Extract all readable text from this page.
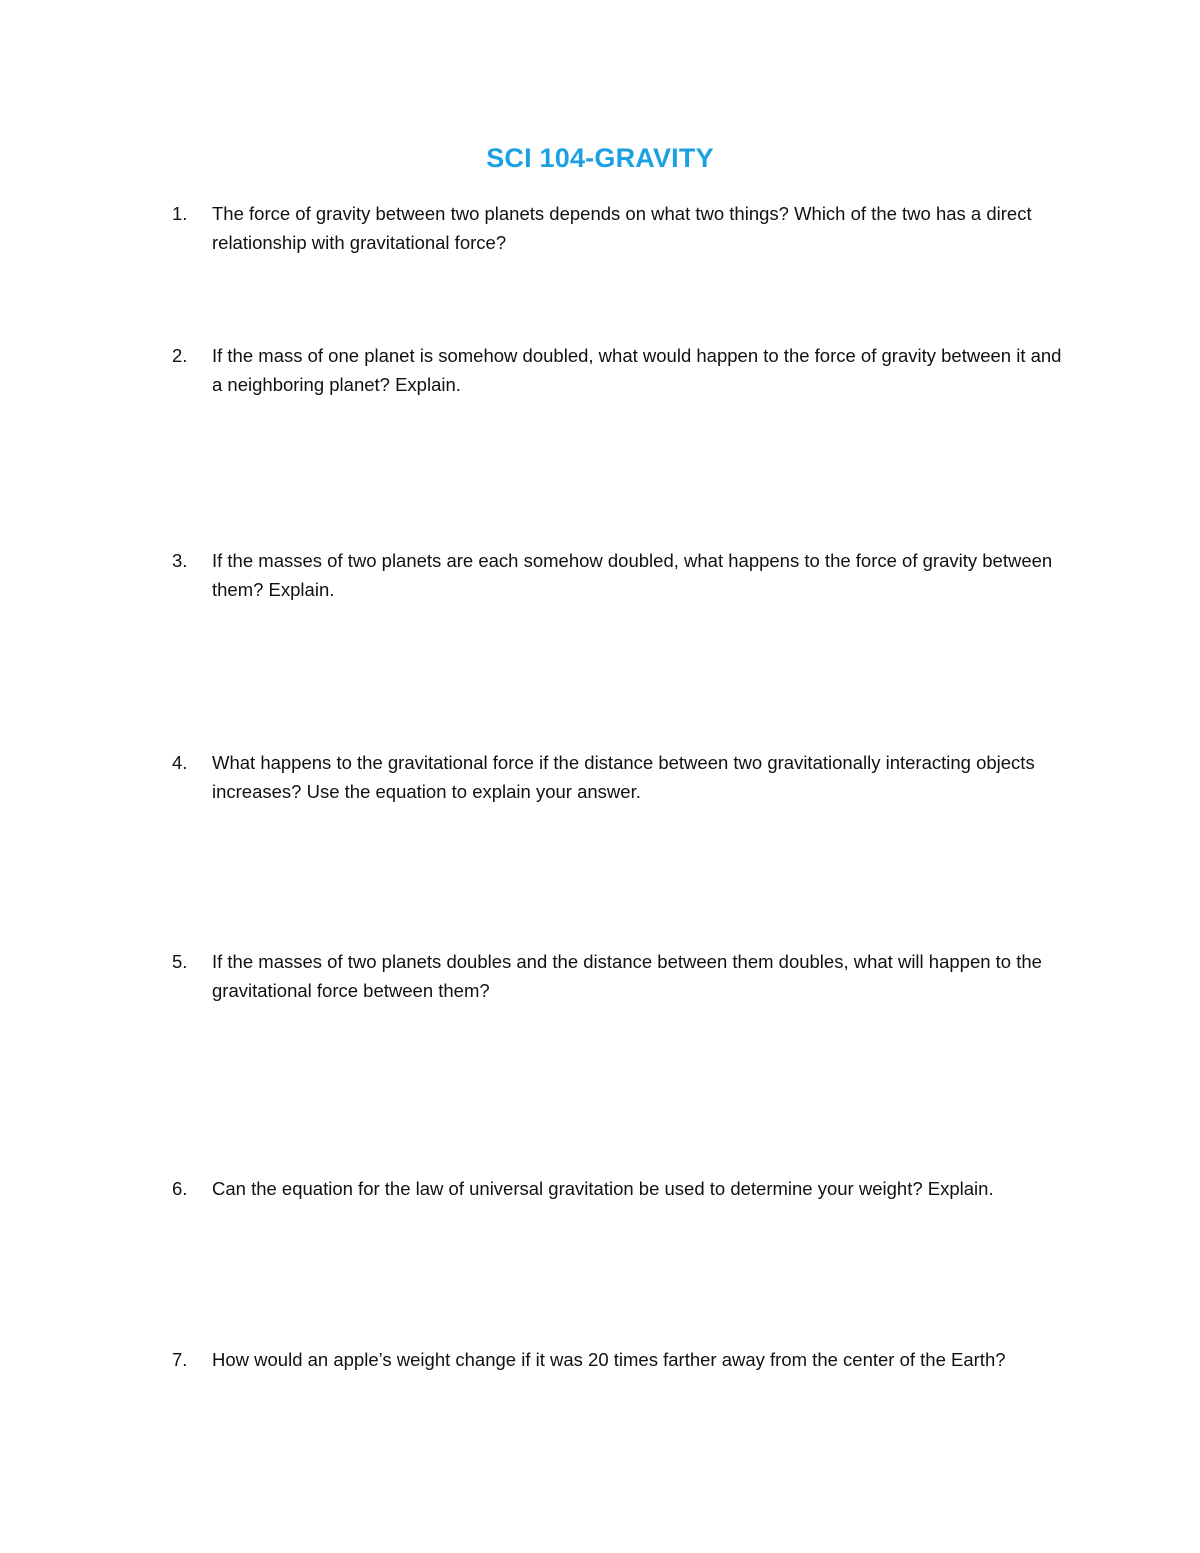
SCI 104-GRAVITY
1. The force of gravity between two planets depends on what two things? Which of the two has a direct relationship with gravitational force?
2. If the mass of one planet is somehow doubled, what would happen to the force of gravity between it and a neighboring planet? Explain.
3. If the masses of two planets are each somehow doubled, what happens to the force of gravity between them? Explain.
4. What happens to the gravitational force if the distance between two gravitationally interacting objects increases? Use the equation to explain your answer.
5. If the masses of two planets doubles and the distance between them doubles, what will happen to the gravitational force between them?
6. Can the equation for the law of universal gravitation be used to determine your weight? Explain.
7. How would an apple’s weight change if it was 20 times farther away from the center of the Earth?
